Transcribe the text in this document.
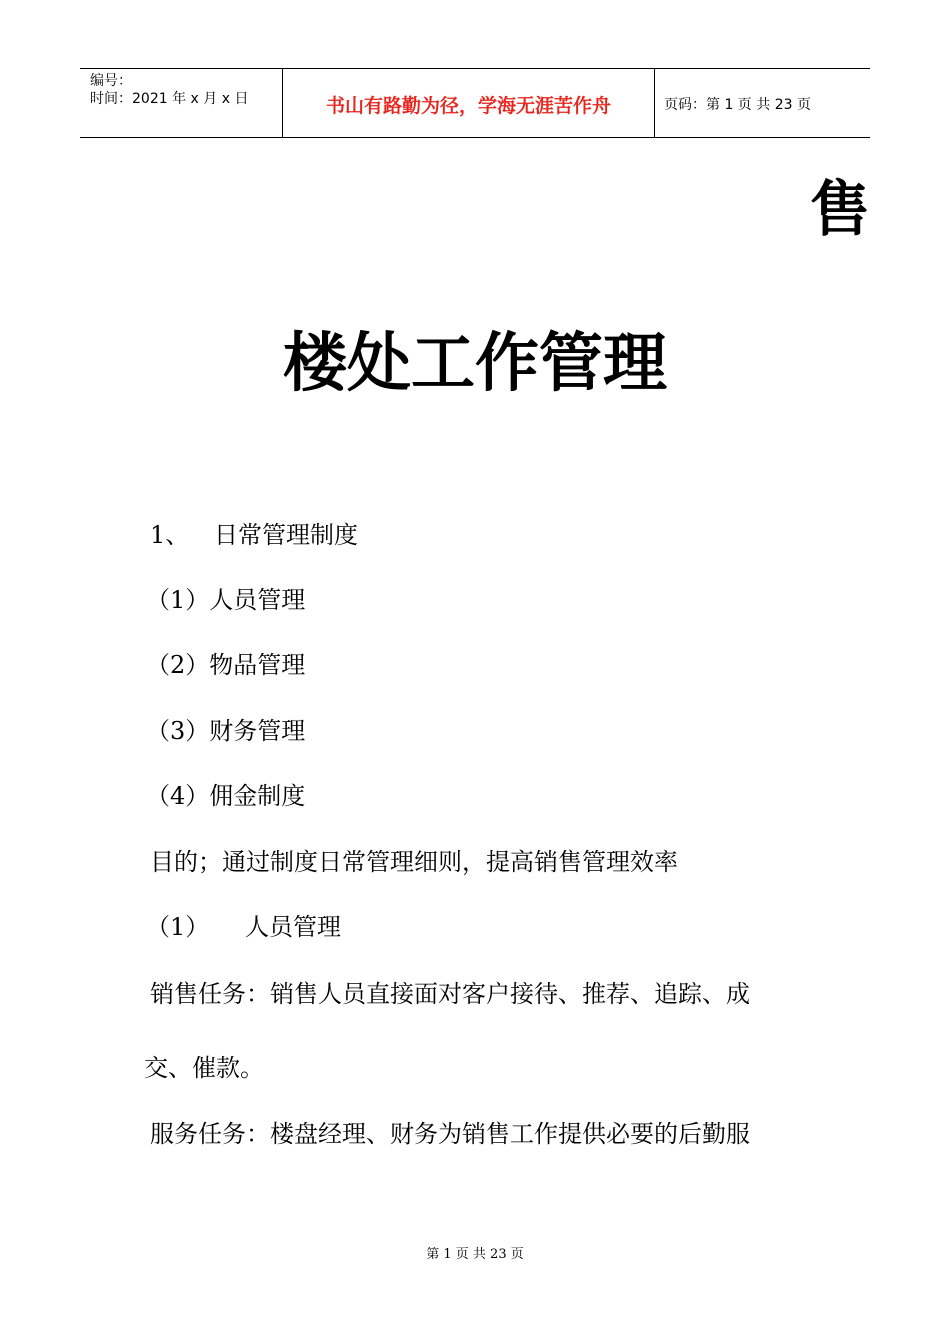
编号：
时间：2021 年 x 月 x 日	书山有路勤为径，学海无涯苦作舟	页码：第 1 页 共 23 页
售
楼处工作管理
1、 日常管理制度
（1）人员管理
（2）物品管理
（3）财务管理
（4）佣金制度
目的；通过制度日常管理细则，提高销售管理效率
（1） 人员管理
销售任务：销售人员直接面对客户接待、推荐、追踪、成
交、催款。
服务任务：楼盘经理、财务为销售工作提供必要的后勤服
第 1 页 共 23 页
